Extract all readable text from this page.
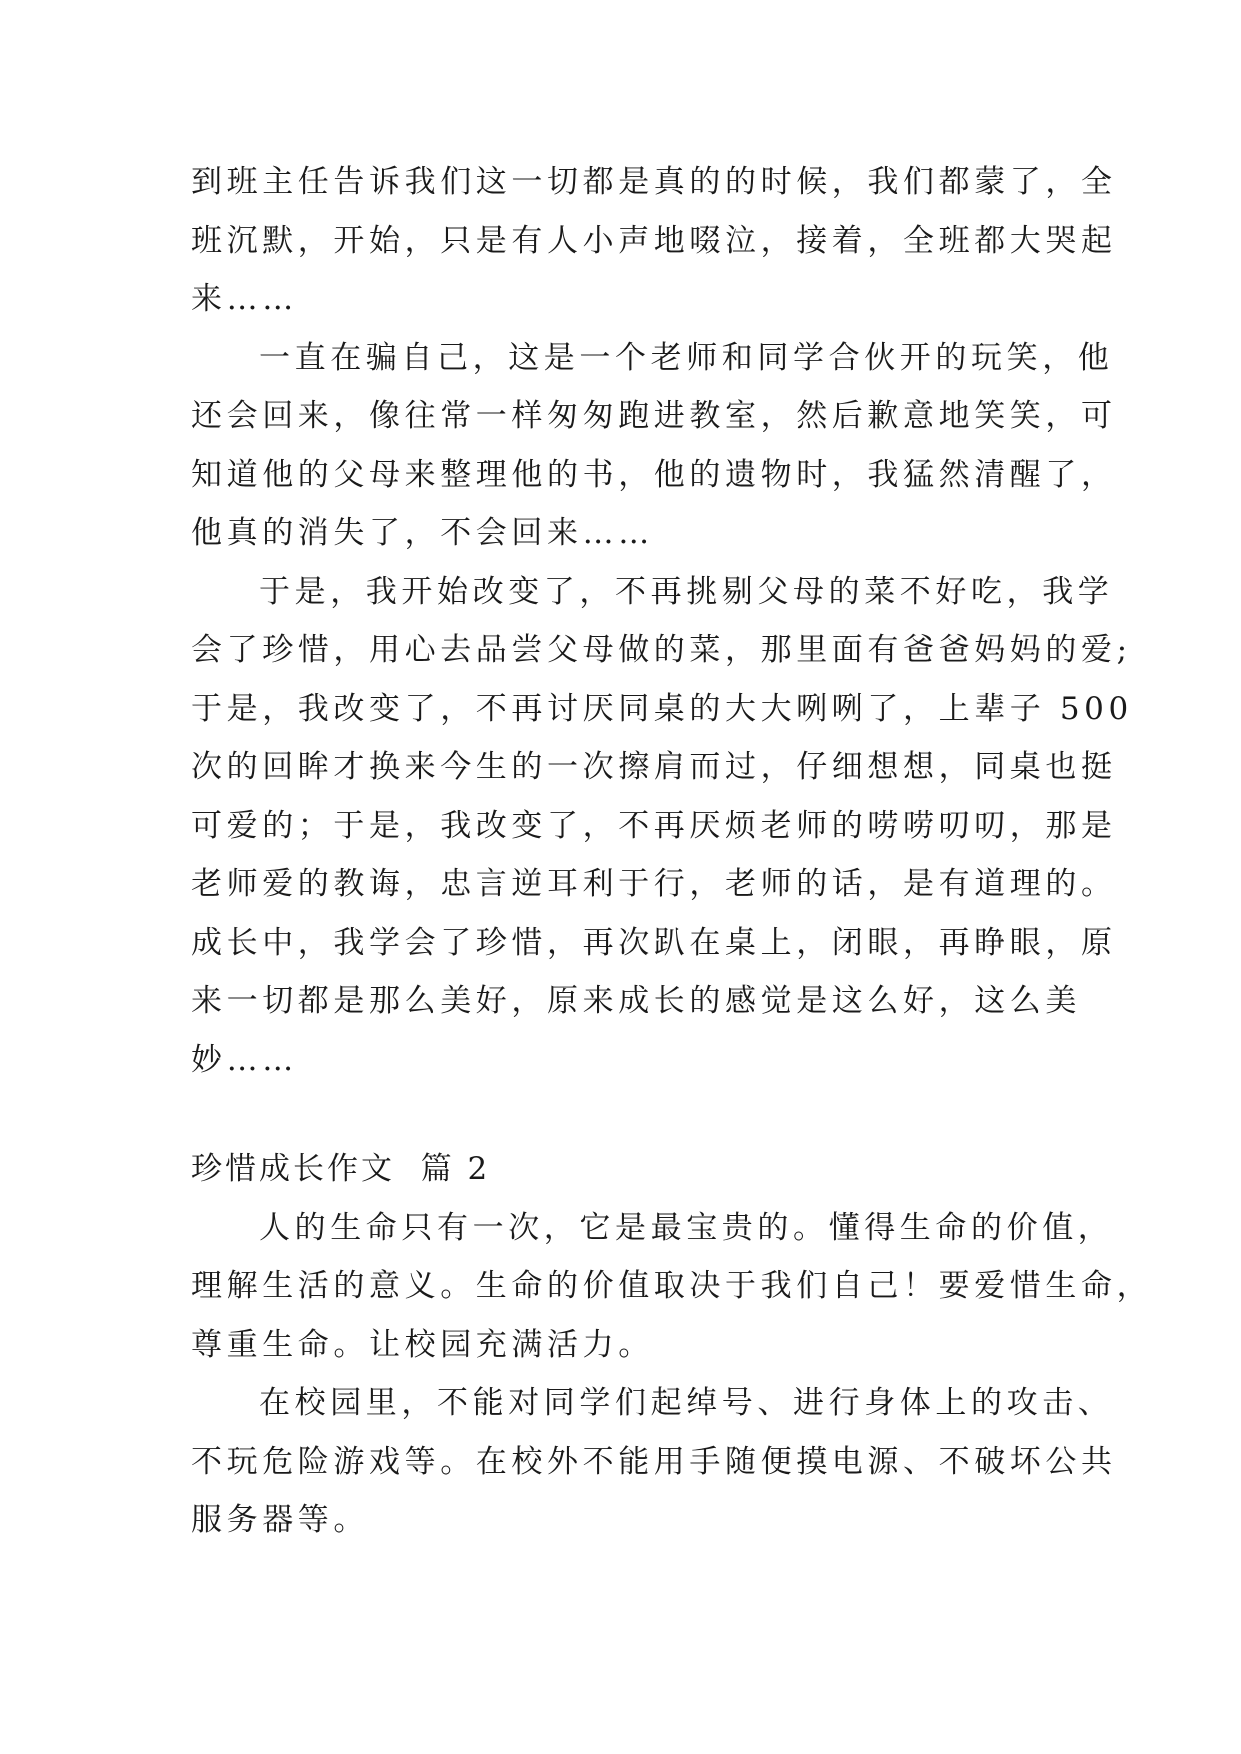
到班主任告诉我们这一切都是真的的时候，我们都蒙了，全

班沉默，开始，只是有人小声地啜泣，接着，全班都大哭起

来……

一直在骗自己，这是一个老师和同学合伙开的玩笑，他

还会回来，像往常一样匆匆跑进教室，然后歉意地笑笑，可

知道他的父母来整理他的书，他的遗物时，我猛然清醒了，

他真的消失了，不会回来……

于是，我开始改变了，不再挑剔父母的菜不好吃，我学

会了珍惜，用心去品尝父母做的菜，那里面有爸爸妈妈的爱;

于是，我改变了，不再讨厌同桌的大大咧咧了，上辈子 500

次的回眸才换来今生的一次擦肩而过，仔细想想，同桌也挺

可爱的；于是，我改变了，不再厌烦老师的唠唠叨叨，那是

老师爱的教诲，忠言逆耳利于行，老师的话，是有道理的。

成长中，我学会了珍惜，再次趴在桌上，闭眼，再睁眼，原

来一切都是那么美好，原来成长的感觉是这么好，这么美

妙……

珍惜成长作文  篇 2

人的生命只有一次，它是最宝贵的。懂得生命的价值，

理解生活的意义。生命的价值取决于我们自己！要爱惜生命，

尊重生命。让校园充满活力。

在校园里，不能对同学们起绰号、进行身体上的攻击、

不玩危险游戏等。在校外不能用手随便摸电源、不破坏公共

服务器等。
